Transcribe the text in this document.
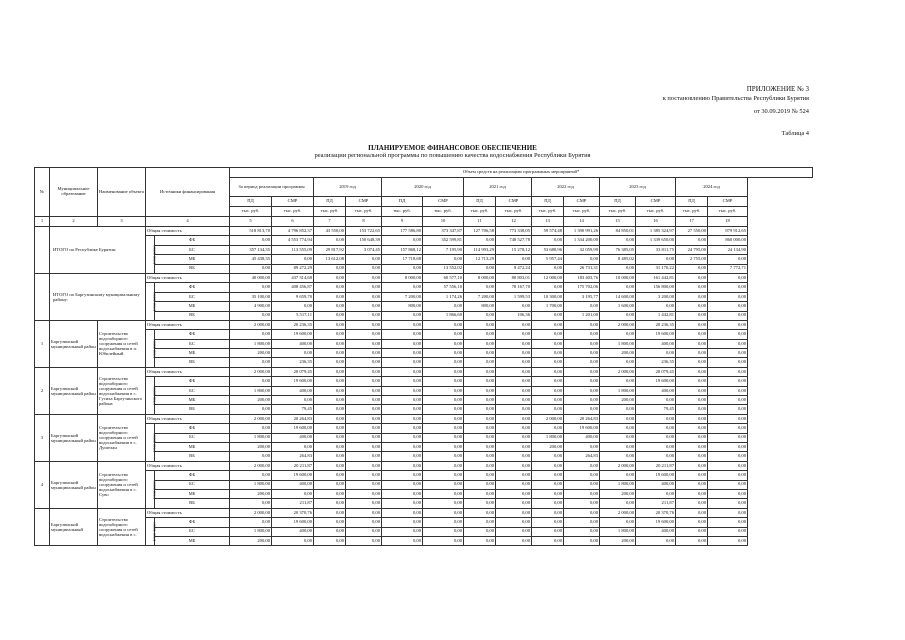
ПРИЛОЖЕНИЕ № 3
к постановлению Правительства Республики Бурятия
от 30.09.2019 № 524
Таблица 4
ПЛАНИРУЕМОЕ ФИНАНСОВОЕ ОБЕСПЕЧЕНИЕ
реализации региональной программы по повышению качества водоснабжения Республики Бурятия
№	Муниципальное образование	Наименование объекта	Источники финансирования		Объем средств на реализацию программных мероприятий*													
					За период реализации программы		2019 год		2020 год		2021 год		2022 год		2023 год		2024 год	
					ПД	СМР	ПД	СМР	ПД	СМР	ПД	СМР	ПД	СМР	ПД	СМР	ПД	СМР
					тыс. руб.	тыс. руб.	тыс. руб.	тыс. руб.	тыс. руб.	тыс. руб.	тыс. руб.	тыс. руб.	тыс. руб.	тыс. руб.	тыс. руб.	тыс. руб.	тыс. руб.	тыс. руб.
1	2	3	4		5	6	7	8	9	10	11	12	13	14	15	16	17	18
	ИТОГО по Республике Бурятия:		Общая стоимость		518 813,70	4 796 852,37	43 550,00	153 722,65	177 586,80	373 347,87	127 706,58	773 338,05	59 574,48	1 390 991,26	84 850,01	1 385 324,97	27 550,00	879 912,65
			в том числе:	ФБ	0,00	4 553 774,94	0,00	150 648,39	0,00	352 599,81	0,00	748 527,78	0,00	1 334 200,00	0,00	1 339 650,00	0,00	860 000,00
				БС	357 134,35	113 555,09	29 817,92	3 074,45	157 868,12	7 195,90	114 993,29	15 278,12	53 688,96	32 059,99	76 385,05	33 811,75	24 795,00	24 134,90
				МБ	45 438,35	0,00	13 612,08	0,00	17 718,68	0,00	12 713,29	0,00	5 957,44	0,00	8 485,02	0,00	2 755,00	0,00
				ВБ	0,00	89 272,29	0,00	0,00	0,00	13 552,02	0,00	9 472,24	0,00	26 731,31	0,00	31 170,22	0,00	7 772,71
	ИТОГО по Баргузинскому муниципальному району:		Общая стоимость		40 000,00	437 314,68	0,00	0,00	8 000,00	60 577,10	8 000,00	80 803,01	12 000,00	183 403,76	10 000,00	161 442,81	0,00	0,00
			в том числе:	ФБ	0,00	408 456,87	0,00	0,00	0,00	57 556,10	0,00	78 167,70	0,00	175 702,06	0,00	156 800,00	0,00	0,00
				БС	35 100,00	9 659,70	0,00	0,00	7 200,00	1 174,26	7 200,00	1 599,53	10 300,00	3 195,77	14 600,00	3 200,00	0,00	0,00
				МБ	4 900,00	0,00	0,00	0,00	800,00	0,00	800,00	0,00	1 700,00	0,00	1 600,00	0,00	0,00	0,00
				ВБ	0,00	5 517,11	0,00	0,00	0,00	1 866,60	0,00	106,36	0,00	1 201,00	0,00	1 442,81	0,00	0,00
1	Баргузинский муниципальный район	Строительство водозаборного сооружения и сетей водоснабжения в п. Юбилейный	Общая стоимость		2 000,00	20 236,35	0,00	0,00	0,00	0,00	0,00	0,00	0,00	0,00	2 000,00	20 236,35	0,00	0,00
			в том числе:	ФБ	0,00	19 600,00	0,00	0,00	0,00	0,00	0,00	0,00	0,00	0,00	0,00	19 600,00	0,00	0,00
				БС	1 800,00	400,00	0,00	0,00	0,00	0,00	0,00	0,00	0,00	0,00	1 800,00	400,00	0,00	0,00
				МБ	200,00	0,00	0,00	0,00	0,00	0,00	0,00	0,00	0,00	0,00	200,00	0,00	0,00	0,00
				ВБ	0,00	236,35	0,00	0,00	0,00	0,00	0,00	0,00	0,00	0,00	0,00	236,35	0,00	0,00
2	Баргузинский муниципальный район	Строительство водозаборного сооружения и сетей водоснабжения в с. Гусиха Баргузинского района	Общая стоимость		2 000,00	20 079,45	0,00	0,00	0,00	0,00	0,00	0,00	0,00	0,00	2 000,00	20 079,45	0,00	0,00
			в том числе:	ФБ	0,00	19 600,00	0,00	0,00	0,00	0,00	0,00	0,00	0,00	0,00	0,00	19 600,00	0,00	0,00
				БС	1 800,00	400,00	0,00	0,00	0,00	0,00	0,00	0,00	0,00	0,00	1 800,00	400,00	0,00	0,00
				МБ	200,00	0,00	0,00	0,00	0,00	0,00	0,00	0,00	0,00	0,00	200,00	0,00	0,00	0,00
				ВБ	0,00	79,45	0,00	0,00	0,00	0,00	0,00	0,00	0,00	0,00	0,00	79,45	0,00	0,00
3	Баргузинский муниципальный район	Строительство водозаборного сооружения и сетей водоснабжения в с. Душелан	Общая стоимость		2 000,00	20 264,83	0,00	0,00	0,00	0,00	0,00	0,00	2 000,00	20 264,83	0,00	0,00	0,00	0,00
			в том числе:	ФБ	0,00	19 600,00	0,00	0,00	0,00	0,00	0,00	0,00	0,00	19 600,00	0,00	0,00	0,00	0,00
				БС	1 800,00	400,00	0,00	0,00	0,00	0,00	0,00	0,00	1 800,00	400,00	0,00	0,00	0,00	0,00
				МБ	200,00	0,00	0,00	0,00	0,00	0,00	0,00	0,00	200,00	0,00	0,00	0,00	0,00	0,00
				ВБ	0,00	264,83	0,00	0,00	0,00	0,00	0,00	0,00	0,00	264,83	0,00	0,00	0,00	0,00
4	Баргузинский муниципальный район	Строительство водозаборного сооружения и сетей водоснабжения в с. Суво	Общая стоимость		2 000,00	20 211,87	0,00	0,00	0,00	0,00	0,00	0,00	0,00	0,00	2 000,00	20 211,87	0,00	0,00
			в том числе:	ФБ	0,00	19 600,00	0,00	0,00	0,00	0,00	0,00	0,00	0,00	0,00	0,00	19 600,00	0,00	0,00
				БС	1 800,00	400,00	0,00	0,00	0,00	0,00	0,00	0,00	0,00	0,00	1 800,00	400,00	0,00	0,00
				МБ	200,00	0,00	0,00	0,00	0,00	0,00	0,00	0,00	0,00	0,00	200,00	0,00	0,00	0,00
				ВБ	0,00	211,87	0,00	0,00	0,00	0,00	0,00	0,00	0,00	0,00	0,00	211,87	0,00	0,00
	Баргузинский муниципальный	Строительство водозаборного сооружения и сетей водоснабжения в с.	Общая стоимость		2 000,00	20 370,76	0,00	0,00	0,00	0,00	0,00	0,00	0,00	0,00	2 000,00	20 370,76	0,00	0,00
			в том числе:	ФБ	0,00	19 600,00	0,00	0,00	0,00	0,00	0,00	0,00	0,00	0,00	0,00	19 600,00	0,00	0,00
				БС	1 800,00	400,00	0,00	0,00	0,00	0,00	0,00	0,00	0,00	0,00	1 800,00	400,00	0,00	0,00
				МБ	200,00	0,00	0,00	0,00	0,00	0,00	0,00	0,00	0,00	0,00	200,00	0,00	0,00	0,00
